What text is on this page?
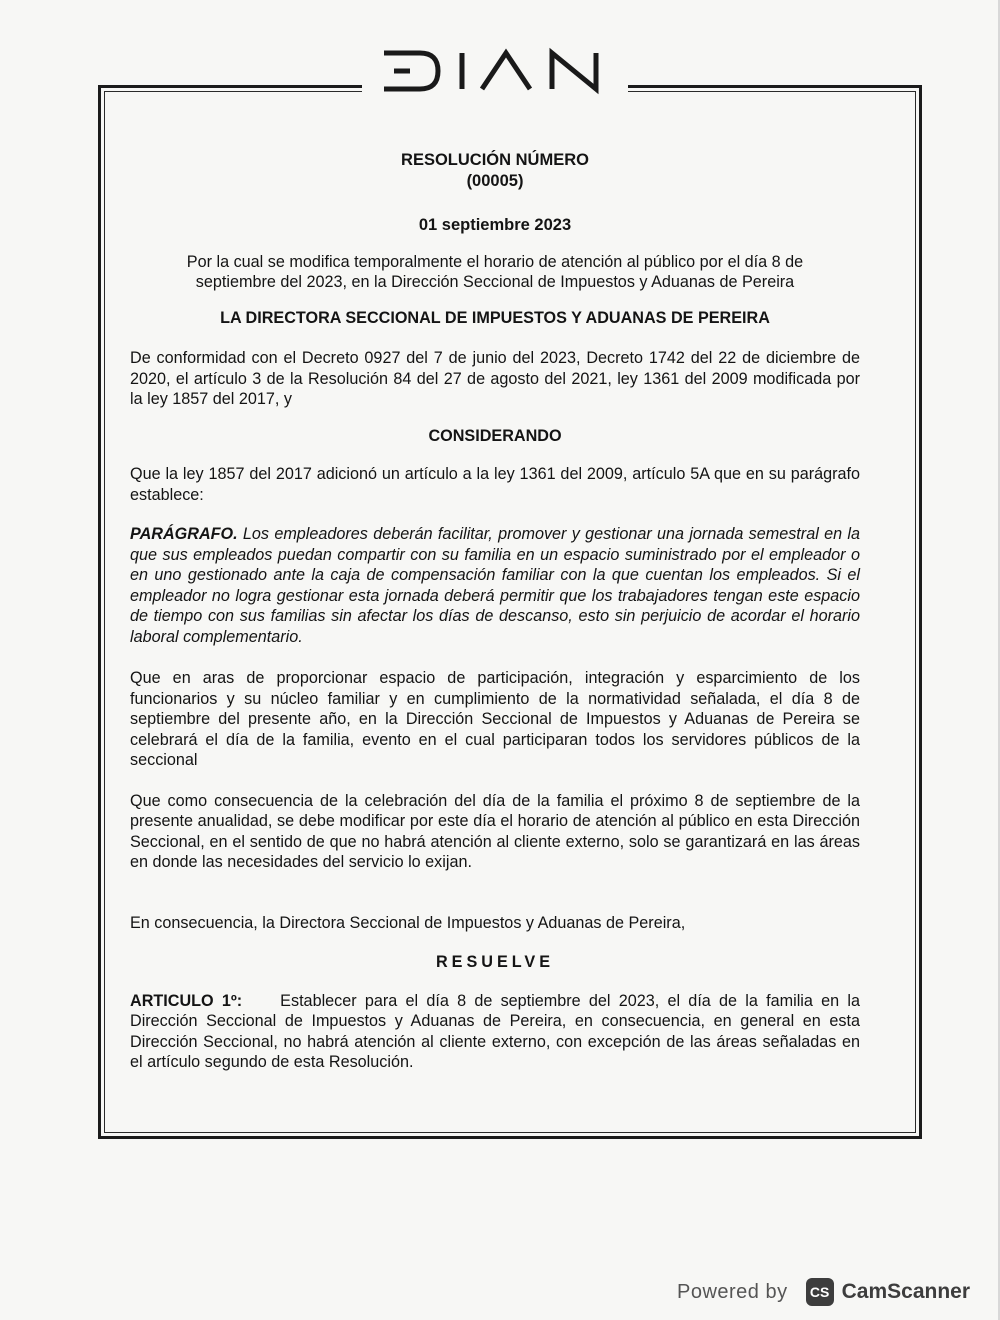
RESOLUCIÓN NÚMERO

(00005)

01 septiembre 2023

Por la cual se modifica temporalmente el horario de atención al público por el día 8 de septiembre del 2023, en la Dirección Seccional de Impuestos y Aduanas de Pereira

LA DIRECTORA SECCIONAL DE IMPUESTOS Y ADUANAS DE PEREIRA

De conformidad con el Decreto 0927 del 7 de junio del 2023, Decreto 1742 del 22 de diciembre de 2020, el artículo 3 de la Resolución 84 del 27 de agosto del 2021, ley 1361 del 2009 modificada por la ley 1857 del 2017, y

CONSIDERANDO

Que la ley 1857 del 2017 adicionó un artículo a la ley 1361 del 2009, artículo 5A que en su parágrafo establece:

PARÁGRAFO. Los empleadores deberán facilitar, promover y gestionar una jornada semestral en la que sus empleados puedan compartir con su familia en un espacio suministrado por el empleador o en uno gestionado ante la caja de compensación familiar con la que cuentan los empleados. Si el empleador no logra gestionar esta jornada deberá permitir que los trabajadores tengan este espacio de tiempo con sus familias sin afectar los días de descanso, esto sin perjuicio de acordar el horario laboral complementario.

Que en aras de proporcionar espacio de participación, integración y esparcimiento de los funcionarios y su núcleo familiar y en cumplimiento de la normatividad señalada, el día 8 de septiembre del presente año, en la Dirección Seccional de Impuestos y Aduanas de Pereira se celebrará el día de la familia, evento en el cual participaran todos los servidores públicos de la seccional

Que como consecuencia de la celebración del día de la familia el próximo 8 de septiembre de la presente anualidad, se debe modificar por este día el horario de atención al público en esta Dirección Seccional, en el sentido de que no habrá atención al cliente externo, solo se garantizará en las áreas en donde las necesidades del servicio lo exijan.

En consecuencia, la Directora Seccional de Impuestos y Aduanas de Pereira,

RESUELVE

ARTICULO 1º: Establecer para el día 8 de septiembre del 2023, el día de la familia en la Dirección Seccional de Impuestos y Aduanas de Pereira, en consecuencia, en general en esta Dirección Seccional, no habrá atención al cliente externo, con excepción de las áreas señaladas en el artículo segundo de esta Resolución.

Powered by	CS CamScanner
